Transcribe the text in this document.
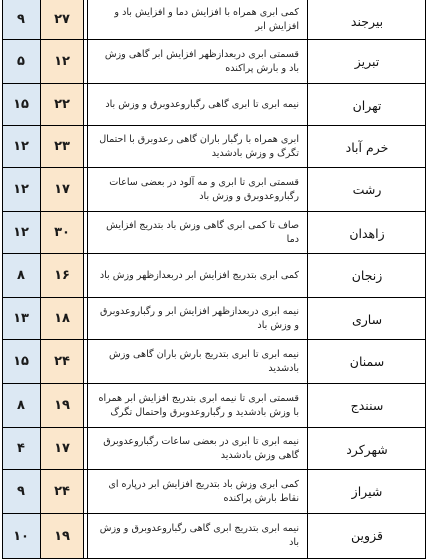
۹ ۲۷	کمی ابری همراه با افزایش دما و افزایش باد و افزایش ابر	بیرجند
۵ ۱۲	قسمتی ابری دربعدازظهر افزایش ابر گاهی وزش باد و بارش پراکنده	تبریز
۱۵ ۲۲	نیمه ابری تا ابری گاهی رگباروعدوبرق و وزش باد	تهران
۱۲ ۲۳	ابری همراه با رگبار باران گاهی رعدوبرق با احتمال تگرگ و وزش بادشدید	خرم آباد
۱۲ ۱۷	قسمتی ابری تا ابری و مه آلود در بعضی ساعات رگباروعدوبرق و وزش باد	رشت
۱۲ ۳۰	صاف تا کمی ابری گاهی وزش باد بتدریج افزایش دما	زاهدان
۸ ۱۶	کمی ابری بتدریج افزایش ابر دربعدازظهر وزش باد	زنجان
۱۳ ۱۸	نیمه ابری دربعدازظهر افزایش ابر و رگباروعدوبرق و وزش باد	ساری
۱۵ ۲۴	نیمه ابری تا ابری بتدریج بارش باران گاهی وزش بادشدید	سمنان
۸ ۱۹	قسمتی ابری تا نیمه ابری بتدریج افزایش ابر همراه با وزش بادشدید و رگباروعدوبرق واحتمال تگرگ	سنندج
۴ ۱۷	نیمه ابری تا ابری در بعضی ساعات رگباروعدوبرق گاهی وزش بادشدید	شهرکرد
۹ ۲۴	کمی ابری وزش باد بتدریج افزایش ابر درپاره ای نقاط بارش پراکنده	شیراز
۱۰ ۱۹	نیمه ابری بتدریج ابری گاهی رگباروعدوبرق و وزش باد	قزوین
